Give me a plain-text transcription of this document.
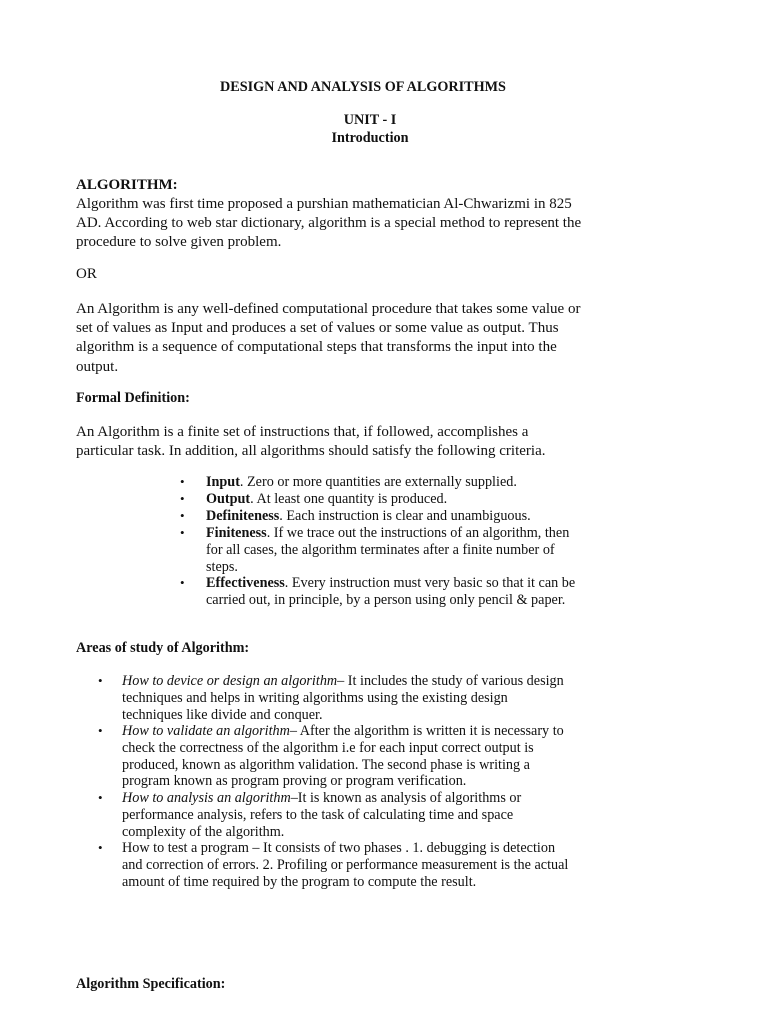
DESIGN AND ANALYSIS OF ALGORITHMS
UNIT - I
Introduction
ALGORITHM:
Algorithm was first time proposed a purshian mathematician Al-Chwarizmi in 825
AD. According to web star dictionary, algorithm is a special method to represent the
procedure to solve given problem.
OR
An Algorithm is any well-defined computational procedure that takes some value or
set of values as Input and produces a set of values or some value as output. Thus
algorithm is a sequence of computational steps that transforms the input into the
output.
Formal Definition:
An Algorithm is a finite set of instructions that, if followed, accomplishes a
particular task. In addition, all algorithms should satisfy the following criteria.
• Input. Zero or more quantities are externally supplied.
• Output. At least one quantity is produced.
• Definiteness. Each instruction is clear and unambiguous.
• Finiteness. If we trace out the instructions of an algorithm, then
for all cases, the algorithm terminates after a finite number of
steps.
• Effectiveness. Every instruction must very basic so that it can be
carried out, in principle, by a person using only pencil & paper.
Areas of study of Algorithm:
• How to device or design an algorithm– It includes the study of various design
techniques and helps in writing algorithms using the existing design
techniques like divide and conquer.
• How to validate an algorithm– After the algorithm is written it is necessary to
check the correctness of the algorithm i.e for each input correct output is
produced, known as algorithm validation. The second phase is writing a
program known as program proving or program verification.
• How to analysis an algorithm–It is known as analysis of algorithms or
performance analysis, refers to the task of calculating time and space
complexity of the algorithm.
• How to test a program – It consists of two phases . 1. debugging is detection
and correction of errors. 2. Profiling or performance measurement is the actual
amount of time required by the program to compute the result.
Algorithm Specification:
